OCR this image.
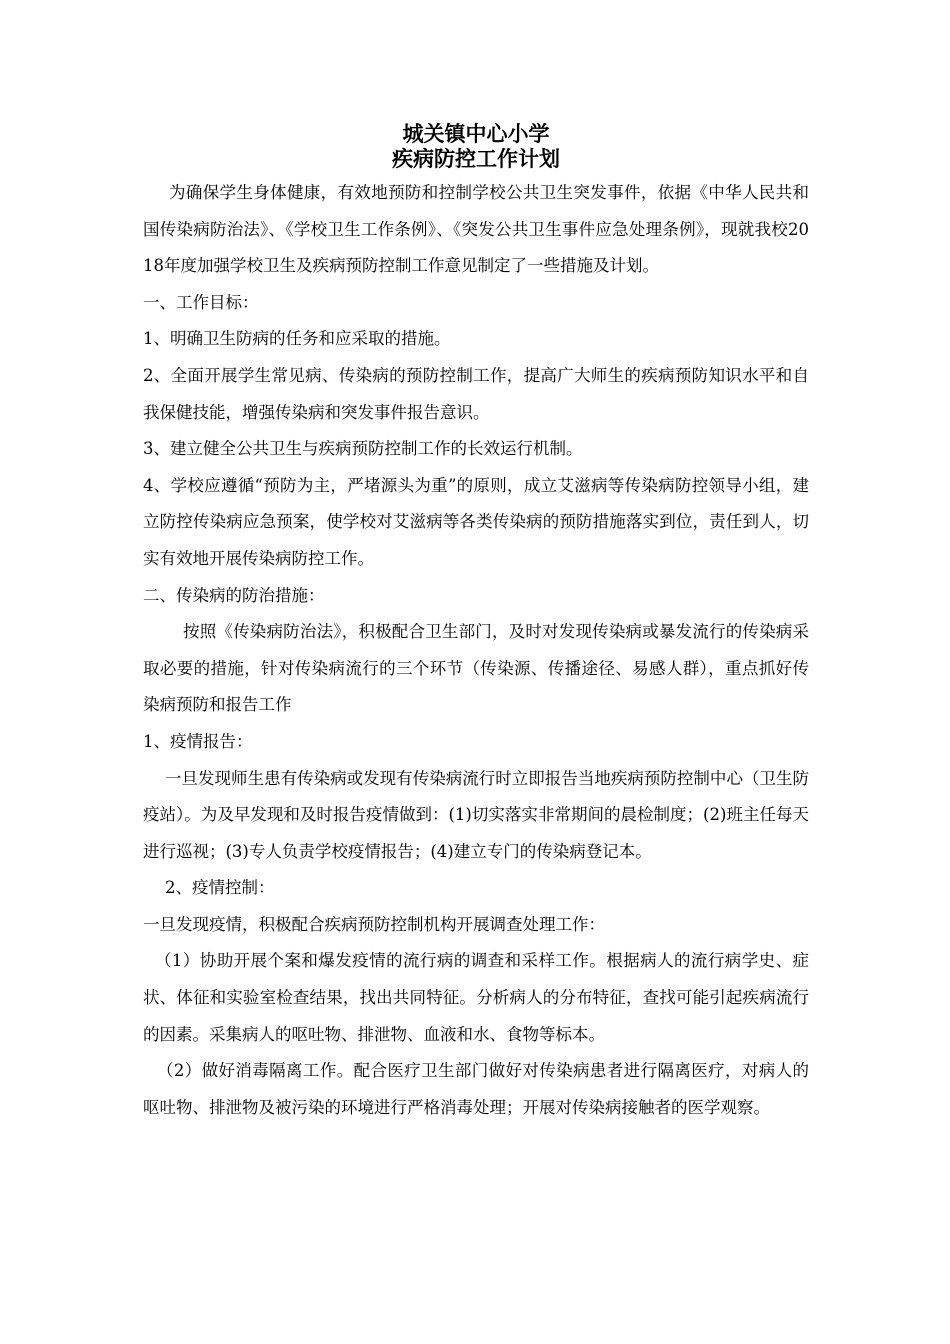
城关镇中心小学
疾病防控工作计划

为确保学生身体健康，有效地预防和控制学校公共卫生突发事件，依据《中华人民共和国传染病防治法》、《学校卫生工作条例》、《突发公共卫生事件应急处理条例》，现就我校2018年度加强学校卫生及疾病预防控制工作意见制定了一些措施及计划。

一、工作目标：

1、明确卫生防病的任务和应采取的措施。

2、全面开展学生常见病、传染病的预防控制工作，提高广大师生的疾病预防知识水平和自我保健技能，增强传染病和突发事件报告意识。

3、建立健全公共卫生与疾病预防控制工作的长效运行机制。

4、学校应遵循“预防为主，严堵源头为重”的原则，成立艾滋病等传染病防控领导小组，建立防控传染病应急预案，使学校对艾滋病等各类传染病的预防措施落实到位，责任到人，切实有效地开展传染病防控工作。

二、传染病的防治措施：

按照《传染病防治法》，积极配合卫生部门，及时对发现传染病或暴发流行的传染病采取必要的措施，针对传染病流行的三个环节（传染源、传播途径、易感人群），重点抓好传染病预防和报告工作

1、疫情报告：

一旦发现师生患有传染病或发现有传染病流行时立即报告当地疾病预防控制中心（卫生防疫站）。为及早发现和及时报告疫情做到：(1)切实落实非常期间的晨检制度；(2)班主任每天进行巡视；(3)专人负责学校疫情报告；(4)建立专门的传染病登记本。

2、疫情控制：

一旦发现疫情，积极配合疾病预防控制机构开展调查处理工作：

（1）协助开展个案和爆发疫情的流行病的调查和采样工作。根据病人的流行病学史、症状、体征和实验室检查结果，找出共同特征。分析病人的分布特征，查找可能引起疾病流行的因素。采集病人的呕吐物、排泄物、血液和水、食物等标本。

（2）做好消毒隔离工作。配合医疗卫生部门做好对传染病患者进行隔离医疗，对病人的呕吐物、排泄物及被污染的环境进行严格消毒处理；开展对传染病接触者的医学观察。
